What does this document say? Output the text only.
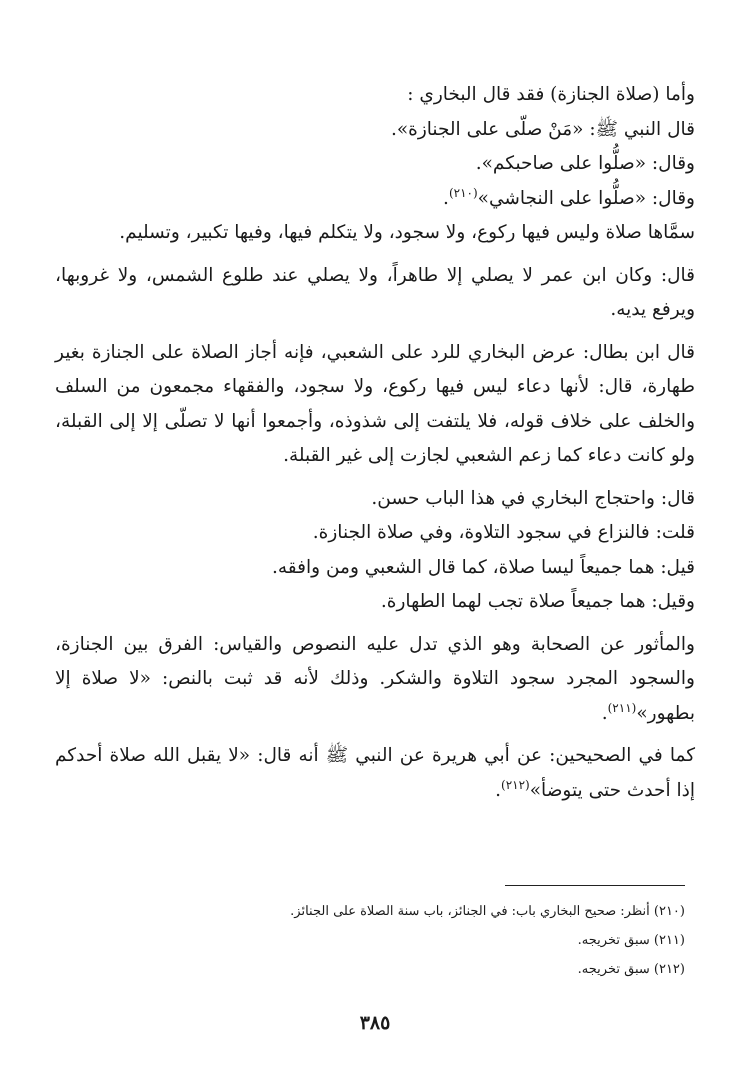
وأما (صلاة الجنازة) فقد قال البخاري :

قال النبي ﷺ: «مَنْ صلّى على الجنازة».

وقال: «صلُّوا على صاحبكم».

وقال: «صلُّوا على النجاشي»$^{(٢١٠)}$.

سمَّاها صلاة وليس فيها ركوع، ولا سجود، ولا يتكلم فيها، وفيها تكبير، وتسليم.

قال: وكان ابن عمر لا يصلي إلا طاهراً، ولا يصلي عند طلوع الشمس، ولا غروبها، ويرفع يديه.

قال ابن بطال: عرض البخاري للرد على الشعبي، فإنه أجاز الصلاة على الجنازة بغير طهارة، قال: لأنها دعاء ليس فيها ركوع، ولا سجود، والفقهاء مجمعون من السلف والخلف على خلاف قوله، فلا يلتفت إلى شذوذه، وأجمعوا أنها لا تصلّى إلا إلى القبلة، ولو كانت دعاء كما زعم الشعبي لجازت إلى غير القبلة.

قال: واحتجاج البخاري في هذا الباب حسن.

قلت: فالنزاع في سجود التلاوة، وفي صلاة الجنازة.

قيل: هما جميعاً ليسا صلاة، كما قال الشعبي ومن وافقه.

وقيل: هما جميعاً صلاة تجب لهما الطهارة.

والمأثور عن الصحابة وهو الذي تدل عليه النصوص والقياس: الفرق بين الجنازة، والسجود المجرد سجود التلاوة والشكر. وذلك لأنه قد ثبت بالنص: «لا صلاة إلا بطهور»$^{(٢١١)}$.

كما في الصحيحين: عن أبي هريرة عن النبي ﷺ أنه قال: «لا يقبل الله صلاة أحدكم إذا أحدث حتى يتوضأ»$^{(٢١٢)}$.

(٢١٠) أنظر: صحيح البخاري باب: في الجنائز، باب سنة الصلاة على الجنائز.

(٢١١) سبق تخريجه.

(٢١٢) سبق تخريجه.

٣٨٥
